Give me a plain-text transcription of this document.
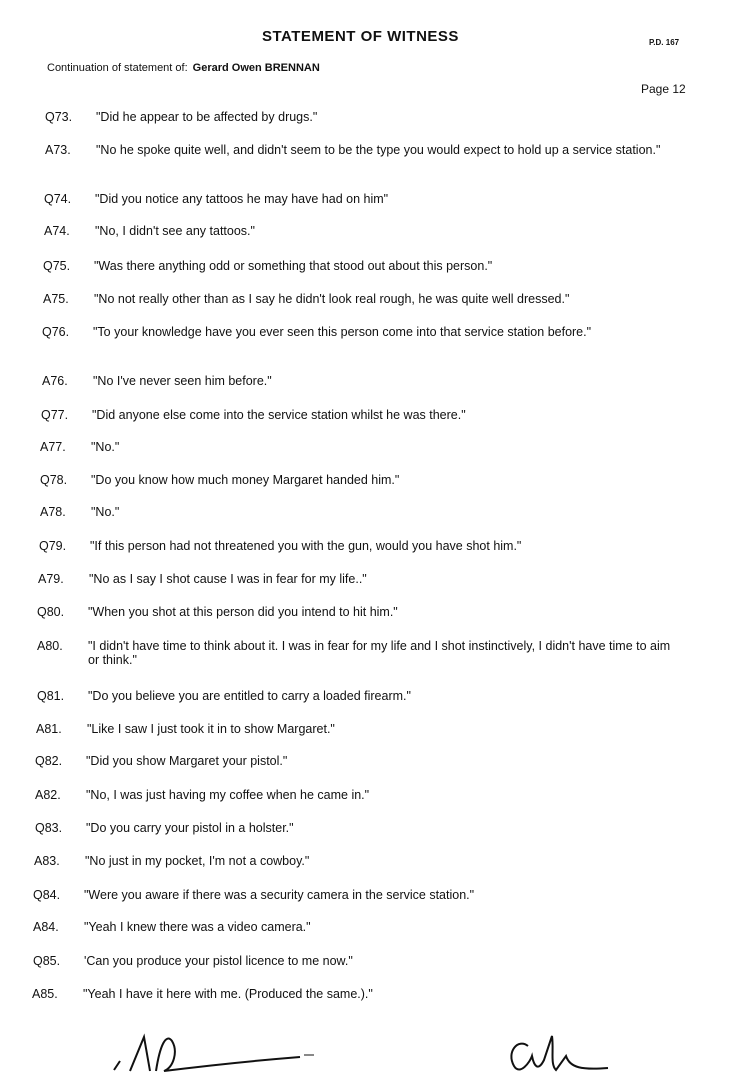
STATEMENT OF WITNESS	P.D. 167
Continuation of statement of: Gerard Owen BRENNAN
Page 12
Q73.	"Did he appear to be affected by drugs."
A73.	"No he spoke quite well, and didn't seem to be the type you would expect to hold up a service station."
Q74.	"Did you notice any tattoos he may have had on him"
A74.	"No, I didn't see any tattoos."
Q75.	"Was there anything odd or something that stood out about this person."
A75.	"No not really other than as I say he didn't look real rough, he was quite well dressed."
Q76.	"To your knowledge have you ever seen this person come into that service station before."
A76.	"No I've never seen him before."
Q77.	"Did anyone else come into the service station whilst he was there."
A77.	"No."
Q78.	"Do you know how much money Margaret handed him."
A78.	"No."
Q79.	"If this person had not threatened you with the gun, would you have shot him."
A79.	"No as I say I shot cause I was in fear for my life.."
Q80.	"When you shot at this person did you intend to hit him."
A80.	"I didn't have time to think about it. I was in fear for my life and I shot instinctively, I didn't have time to aim or think."
Q81.	"Do you believe you are entitled to carry a loaded firearm."
A81.	"Like I saw I just took it in to show Margaret."
Q82.	"Did you show Margaret your pistol."
A82.	"No, I was just having my coffee when he came in."
Q83.	"Do you carry your pistol in a holster."
A83.	"No just in my pocket, I'm not a cowboy."
Q84.	"Were you aware if there was a security camera in the service station."
A84.	"Yeah I knew there was a video camera."
Q85.	'Can you produce your pistol licence to me now."
A85.	"Yeah I have it here with me. (Produced the same.)."
